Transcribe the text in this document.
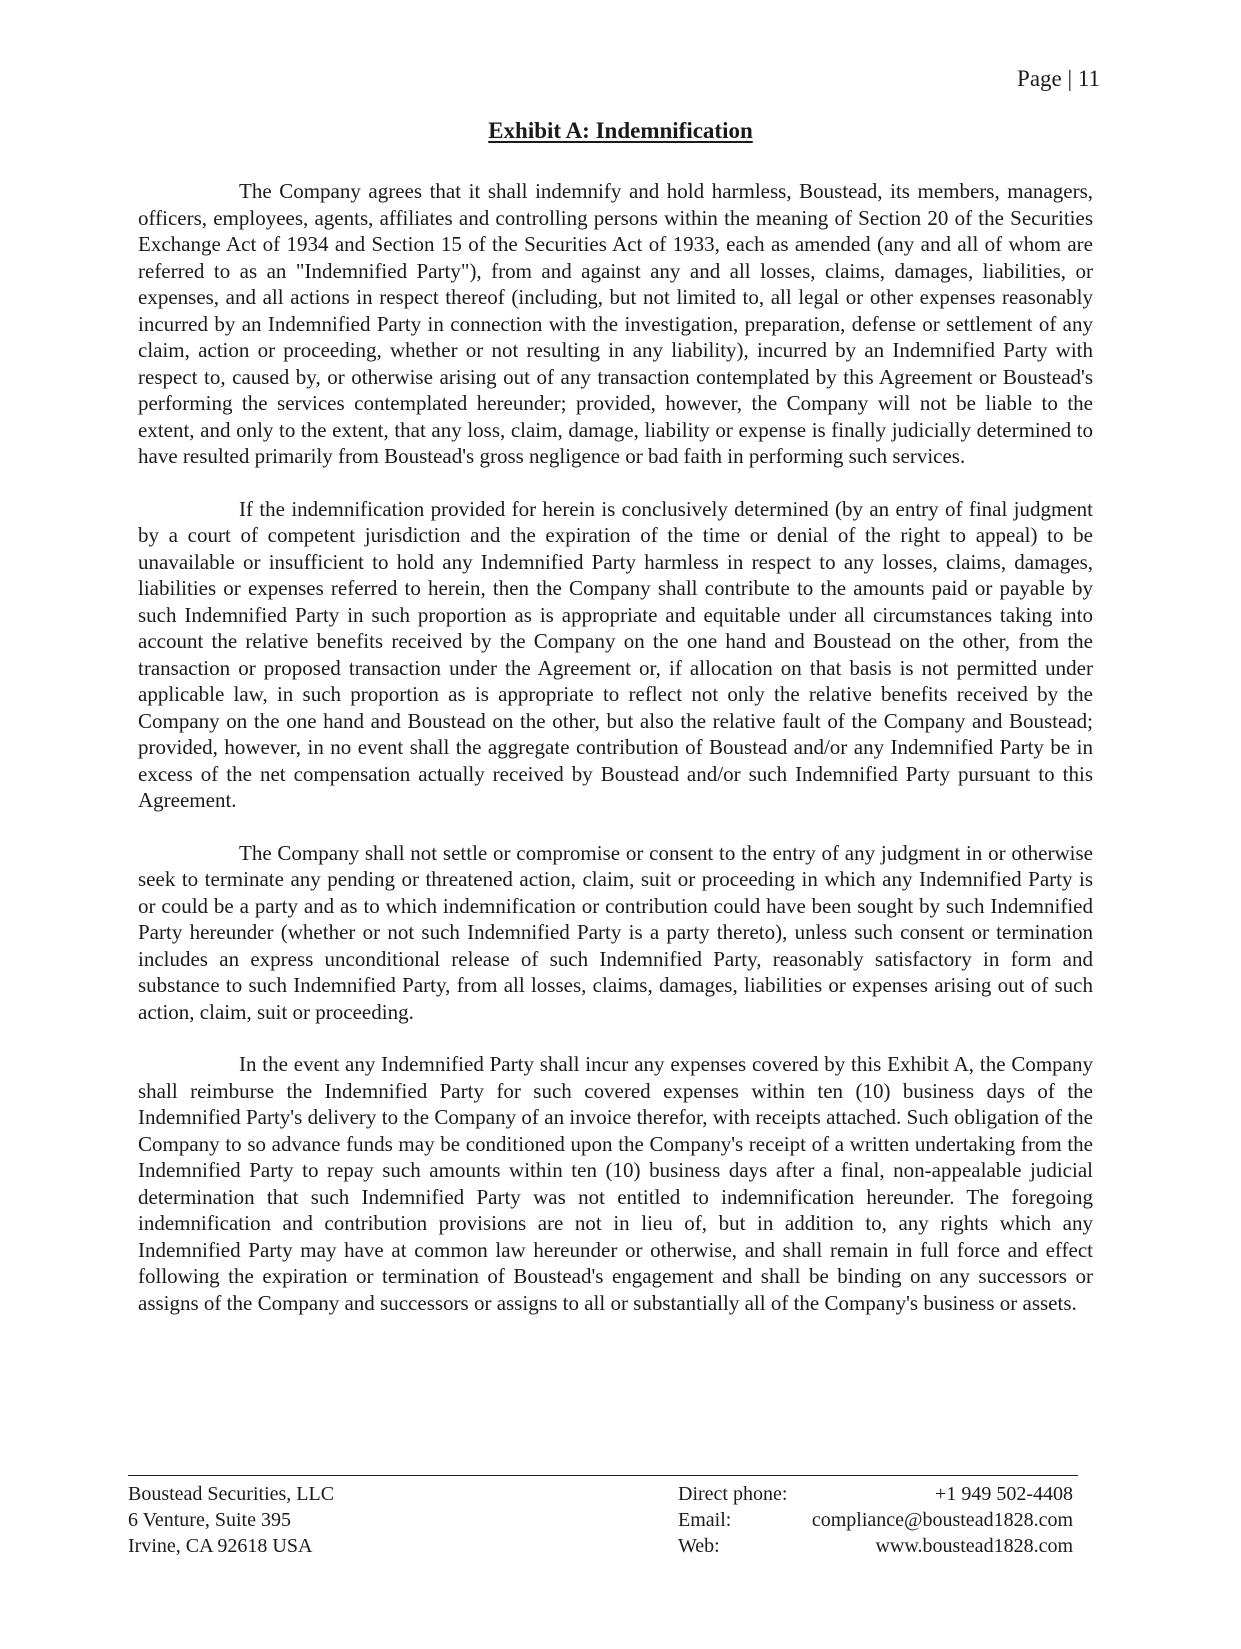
Page | 11
Exhibit A: Indemnification

The Company agrees that it shall indemnify and hold harmless, Boustead, its members, managers, officers, employees, agents, affiliates and controlling persons within the meaning of Section 20 of the Securities Exchange Act of 1934 and Section 15 of the Securities Act of 1933, each as amended (any and all of whom are referred to as an "Indemnified Party"), from and against any and all losses, claims, damages, liabilities, or expenses, and all actions in respect thereof (including, but not limited to, all legal or other expenses reasonably incurred by an Indemnified Party in connection with the investigation, preparation, defense or settlement of any claim, action or proceeding, whether or not resulting in any liability), incurred by an Indemnified Party with respect to, caused by, or otherwise arising out of any transaction contemplated by this Agreement or Boustead's performing the services contemplated hereunder; provided, however, the Company will not be liable to the extent, and only to the extent, that any loss, claim, damage, liability or expense is finally judicially determined to have resulted primarily from Boustead's gross negligence or bad faith in performing such services.

If the indemnification provided for herein is conclusively determined (by an entry of final judgment by a court of competent jurisdiction and the expiration of the time or denial of the right to appeal) to be unavailable or insufficient to hold any Indemnified Party harmless in respect to any losses, claims, damages, liabilities or expenses referred to herein, then the Company shall contribute to the amounts paid or payable by such Indemnified Party in such proportion as is appropriate and equitable under all circumstances taking into account the relative benefits received by the Company on the one hand and Boustead on the other, from the transaction or proposed transaction under the Agreement or, if allocation on that basis is not permitted under applicable law, in such proportion as is appropriate to reflect not only the relative benefits received by the Company on the one hand and Boustead on the other, but also the relative fault of the Company and Boustead; provided, however, in no event shall the aggregate contribution of Boustead and/or any Indemnified Party be in excess of the net compensation actually received by Boustead and/or such Indemnified Party pursuant to this Agreement.

The Company shall not settle or compromise or consent to the entry of any judgment in or otherwise seek to terminate any pending or threatened action, claim, suit or proceeding in which any Indemnified Party is or could be a party and as to which indemnification or contribution could have been sought by such Indemnified Party hereunder (whether or not such Indemnified Party is a party thereto), unless such consent or termination includes an express unconditional release of such Indemnified Party, reasonably satisfactory in form and substance to such Indemnified Party, from all losses, claims, damages, liabilities or expenses arising out of such action, claim, suit or proceeding.

In the event any Indemnified Party shall incur any expenses covered by this Exhibit A, the Company shall reimburse the Indemnified Party for such covered expenses within ten (10) business days of the Indemnified Party's delivery to the Company of an invoice therefor, with receipts attached. Such obligation of the Company to so advance funds may be conditioned upon the Company's receipt of a written undertaking from the Indemnified Party to repay such amounts within ten (10) business days after a final, non-appealable judicial determination that such Indemnified Party was not entitled to indemnification hereunder. The foregoing indemnification and contribution provisions are not in lieu of, but in addition to, any rights which any Indemnified Party may have at common law hereunder or otherwise, and shall remain in full force and effect following the expiration or termination of Boustead's engagement and shall be binding on any successors or assigns of the Company and successors or assigns to all or substantially all of the Company's business or assets.

Boustead Securities, LLC
6 Venture, Suite 395
Irvine, CA 92618 USA
Direct phone:	+1 949 502-4408
Email:	compliance@boustead1828.com
Web:	www.boustead1828.com
